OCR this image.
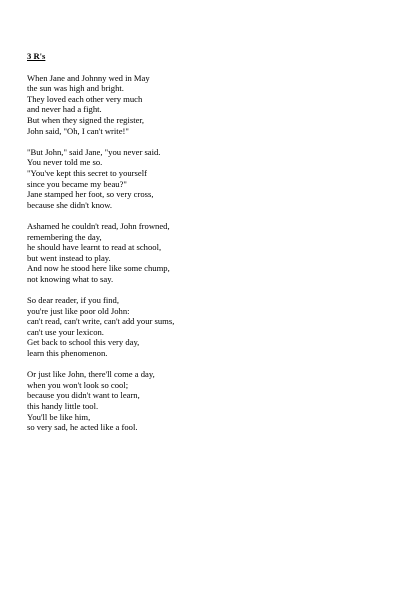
3 R's
When Jane and Johnny wed in May
the sun was high and bright.
They loved each other very much
and never had a fight.
But when they signed the register,
John said, "Oh, I can't write!"
"But John," said Jane, "you never said.
You never told me so.
"You've kept this secret to yourself
since you became my beau?"
Jane stamped her foot, so very cross,
because she didn't know.
Ashamed he couldn't read, John frowned,
remembering the day,
he should have learnt to read at school,
but went instead to play.
And now he stood here like some chump,
not knowing what to say.
So dear reader, if you find,
you're just like poor old John:
can't read, can't write, can't add your sums,
can't use your lexicon.
Get back to school this very day,
learn this phenomenon.
Or just like John, there'll come a day,
when you won't look so cool;
because you didn't want to learn,
this handy little tool.
You'll be like him,
so very sad, he acted like a fool.
